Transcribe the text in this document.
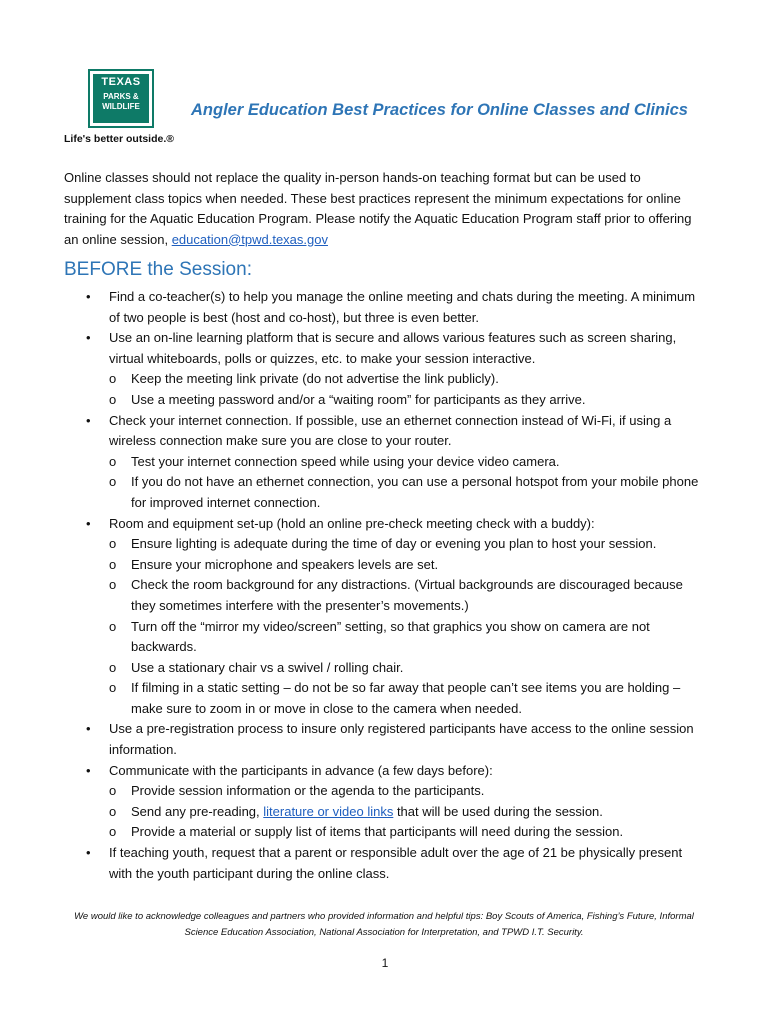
TEXAS
PARKS &
WILDLIFE
Life's better outside.®
Angler Education Best Practices for Online Classes and Clinics
Online classes should not replace the quality in-person hands-on teaching format but can be used to supplement class topics when needed. These best practices represent the minimum expectations for online training for the Aquatic Education Program. Please notify the Aquatic Education Program staff prior to offering an online session, education@tpwd.texas.gov
BEFORE the Session:
• Find a co-teacher(s) to help you manage the online meeting and chats during the meeting. A minimum of two people is best (host and co-host), but three is even better.
• Use an on-line learning platform that is secure and allows various features such as screen sharing, virtual whiteboards, polls or quizzes, etc. to make your session interactive.
o Keep the meeting link private (do not advertise the link publicly).
o Use a meeting password and/or a “waiting room” for participants as they arrive.
• Check your internet connection. If possible, use an ethernet connection instead of Wi-Fi, if using a wireless connection make sure you are close to your router.
o Test your internet connection speed while using your device video camera.
o If you do not have an ethernet connection, you can use a personal hotspot from your mobile phone for improved internet connection.
• Room and equipment set-up (hold an online pre-check meeting check with a buddy):
o Ensure lighting is adequate during the time of day or evening you plan to host your session.
o Ensure your microphone and speakers levels are set.
o Check the room background for any distractions. (Virtual backgrounds are discouraged because they sometimes interfere with the presenter’s movements.)
o Turn off the “mirror my video/screen” setting, so that graphics you show on camera are not backwards.
o Use a stationary chair vs a swivel / rolling chair.
o If filming in a static setting – do not be so far away that people can’t see items you are holding – make sure to zoom in or move in close to the camera when needed.
• Use a pre-registration process to insure only registered participants have access to the online session information.
• Communicate with the participants in advance (a few days before):
o Provide session information or the agenda to the participants.
o Send any pre-reading, literature or video links that will be used during the session.
o Provide a material or supply list of items that participants will need during the session.
• If teaching youth, request that a parent or responsible adult over the age of 21 be physically present with the youth participant during the online class.
We would like to acknowledge colleagues and partners who provided information and helpful tips: Boy Scouts of America, Fishing’s Future, Informal Science Education Association, National Association for Interpretation, and TPWD I.T. Security.
1
